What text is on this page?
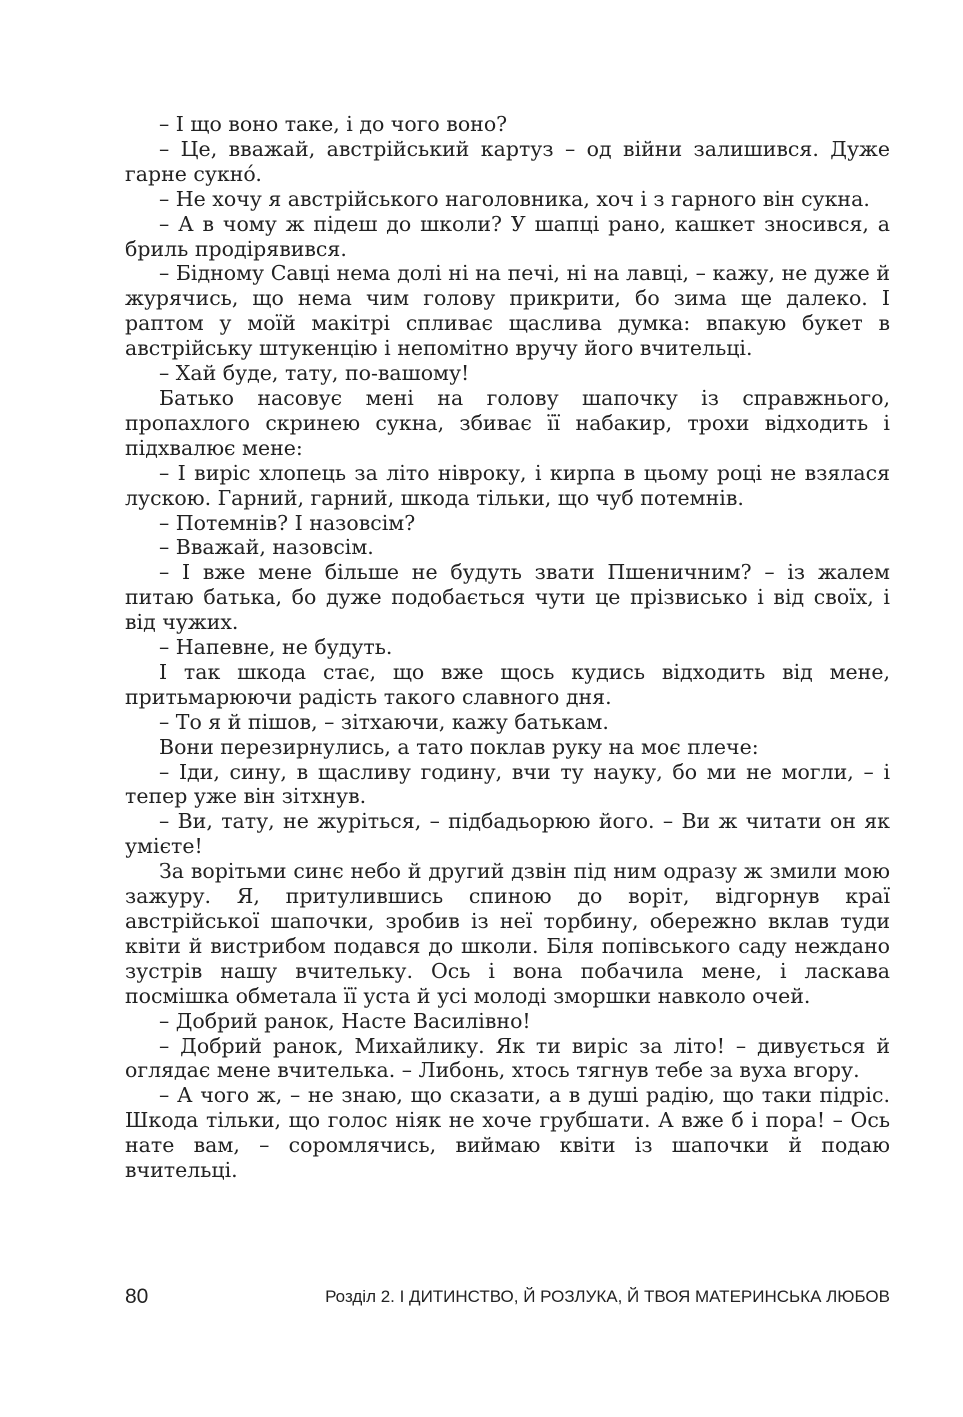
– І що воно таке, і до чого воно?

– Це, вважай, австрійський картуз – од війни залишився. Дуже гарне сукнó.

– Не хочу я австрійського наголовника, хоч і з гарного він сукна.

– А в чому ж підеш до школи? У шапці рано, кашкет зносився, а бриль продірявився.

– Бідному Савці нема долі ні на печі, ні на лавці, – кажу, не дуже й журячись, що нема чим голову прикрити, бо зима ще далеко. І раптом у моїй макітрі спливає щаслива думка: впакую букет в австрійську штукенцію і непомітно вручу його вчительці.

– Хай буде, тату, по-вашому!

Батько насовує мені на голову шапочку із справжнього, пропахлого скринею сукна, збиває її набакир, трохи відходить і підхвалює мене:

– І виріс хлопець за літо нівроку, і кирпа в цьому році не взялася лускою. Гарний, гарний, шкода тільки, що чуб потемнів.

– Потемнів? І назовсім?

– Вважай, назовсім.

– І вже мене більше не будуть звати Пшеничним? – із жалем питаю батька, бо дуже подобається чути це прізвисько і від своїх, і від чужих.

– Напевне, не будуть.

І так шкода стає, що вже щось кудись відходить від мене, притьмарюючи радість такого славного дня.

– То я й пішов, – зітхаючи, кажу батькам.

Вони перезирнулись, а тато поклав руку на моє плече:

– Іди, сину, в щасливу годину, вчи ту науку, бо ми не могли, – і тепер уже він зітхнув.

– Ви, тату, не журіться, – підбадьорюю його. – Ви ж читати он як умієте!

За ворітьми синє небо й другий дзвін під ним одразу ж змили мою зажуру. Я, притулившись спиною до воріт, відгорнув краї австрійської шапочки, зробив із неї торбину, обережно вклав туди квіти й вистрибом подався до школи. Біля попівського саду неждано зустрів нашу вчительку. Ось і вона побачила мене, і ласкава посмішка обметала її уста й усі молоді зморшки навколо очей.

– Добрий ранок, Насте Василівно!

– Добрий ранок, Михайлику. Як ти виріс за літо! – дивується й оглядає мене вчителька. – Либонь, хтось тягнув тебе за вуха вгору.

– А чого ж, – не знаю, що сказати, а в душі радію, що таки підріс. Шкода тільки, що голос ніяк не хоче грубшати. А вже б і пора! – Ось нате вам, – соромлячись, виймаю квіти із шапочки й подаю вчительці.

80	Розділ 2. І ДИТИНСТВО, Й РОЗЛУКА, Й ТВОЯ МАТЕРИНСЬКА ЛЮБОВ
